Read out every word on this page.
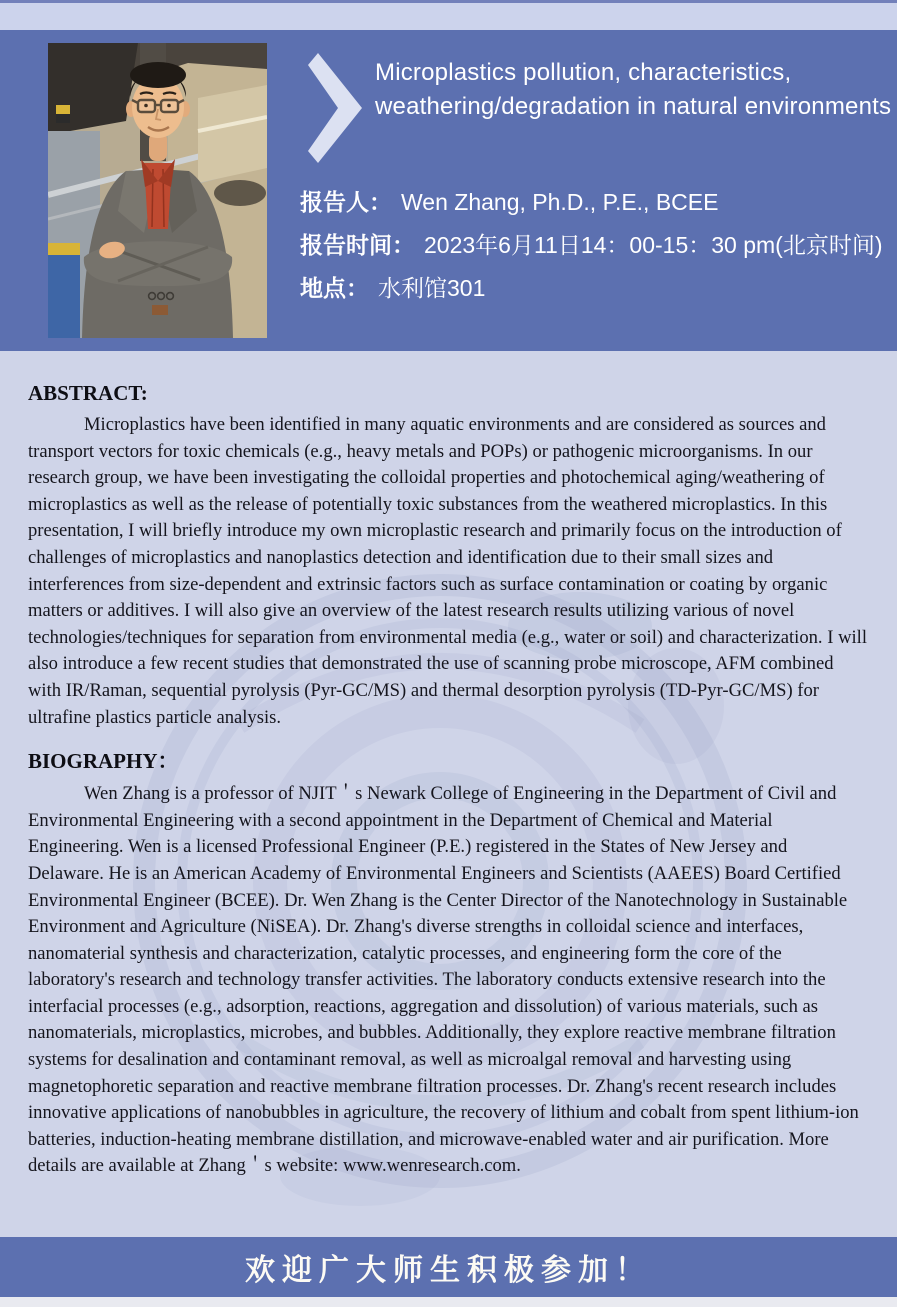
Microplastics pollution, characteristics, weathering/degradation in natural environments
报告人： Wen Zhang, Ph.D., P.E., BCEE
报告时间： 2023年6月11日14：00-15：30 pm(北京时间)
地点： 水利馆301
ABSTRACT:

Microplastics have been identified in many aquatic environments and are considered as sources and transport vectors for toxic chemicals (e.g., heavy metals and POPs) or pathogenic microorganisms. In our research group, we have been investigating the colloidal properties and photochemical aging/weathering of microplastics as well as the release of potentially toxic substances from the weathered microplastics. In this presentation, I will briefly introduce my own microplastic research and primarily focus on the introduction of challenges of microplastics and nanoplastics detection and identification due to their small sizes and interferences from size-dependent and extrinsic factors such as surface contamination or coating by organic matters or additives. I will also give an overview of the latest research results utilizing various of novel technologies/techniques for separation from environmental media (e.g., water or soil) and characterization. I will also introduce a few recent studies that demonstrated the use of scanning probe microscope, AFM combined with IR/Raman, sequential pyrolysis (Pyr-GC/MS) and thermal desorption pyrolysis (TD-Pyr-GC/MS) for ultrafine plastics particle analysis.

BIOGRAPHY：

Wen Zhang is a professor of NJIT＇s Newark College of Engineering in the Department of Civil and Environmental Engineering with a second appointment in the Department of Chemical and Material Engineering. Wen is a licensed Professional Engineer (P.E.) registered in the States of New Jersey and Delaware. He is an American Academy of Environmental Engineers and Scientists (AAEES) Board Certified Environmental Engineer (BCEE). Dr. Wen Zhang is the Center Director of the Nanotechnology in Sustainable Environment and Agriculture (NiSEA). Dr. Zhang's diverse strengths in colloidal science and interfaces, nanomaterial synthesis and characterization, catalytic processes, and engineering form the core of the laboratory's research and technology transfer activities. The laboratory conducts extensive research into the interfacial processes (e.g., adsorption, reactions, aggregation and dissolution) of various materials, such as nanomaterials, microplastics, microbes, and bubbles. Additionally, they explore reactive membrane filtration systems for desalination and contaminant removal, as well as microalgal removal and harvesting using magnetophoretic separation and reactive membrane filtration processes. Dr. Zhang's recent research includes innovative applications of nanobubbles in agriculture, the recovery of lithium and cobalt from spent lithium-ion batteries, induction-heating membrane distillation, and microwave-enabled water and air purification. More details are available at Zhang＇s website: www.wenresearch.com.

欢迎广大师生积极参加！
